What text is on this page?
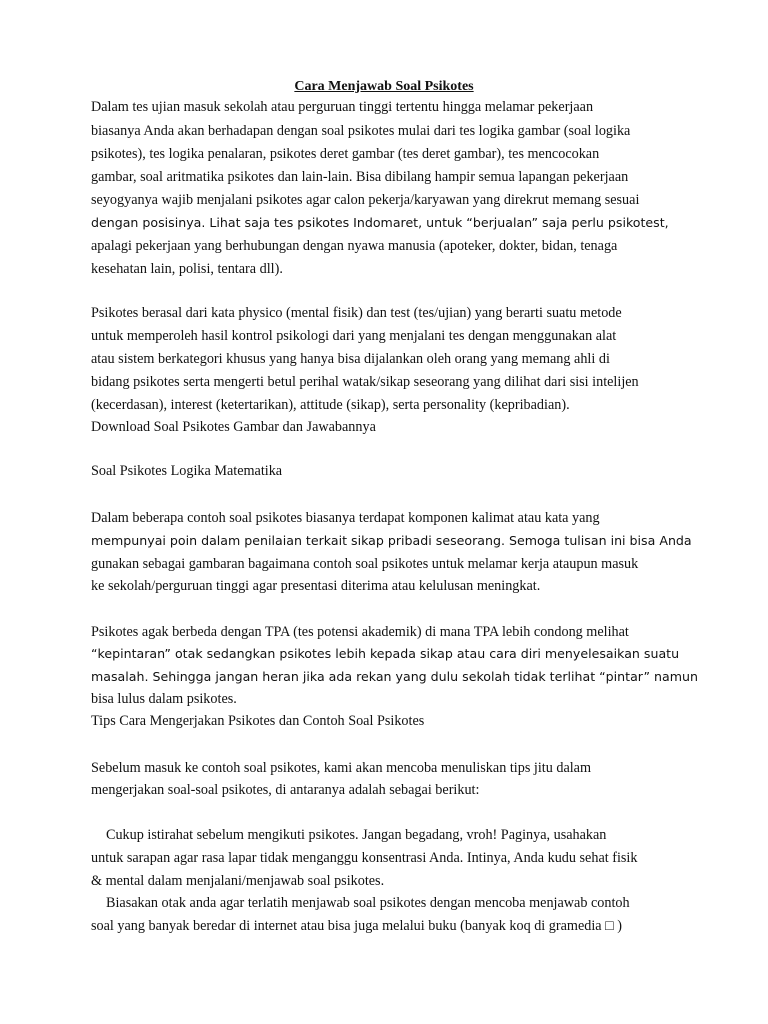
Cara Menjawab Soal Psikotes

Dalam tes ujian masuk sekolah atau perguruan tinggi tertentu hingga melamar pekerjaan

biasanya Anda akan berhadapan dengan soal psikotes mulai dari tes logika gambar (soal logika

psikotes), tes logika penalaran, psikotes deret gambar (tes deret gambar), tes mencocokan

gambar, soal aritmatika psikotes dan lain-lain. Bisa dibilang hampir semua lapangan pekerjaan

seyogyanya wajib menjalani psikotes agar calon pekerja/karyawan yang direkrut memang sesuai

dengan posisinya. Lihat saja tes psikotes Indomaret, untuk “berjualan” saja perlu psikotest,

apalagi pekerjaan yang berhubungan dengan nyawa manusia (apoteker, dokter, bidan, tenaga

kesehatan lain, polisi, tentara dll).

Psikotes berasal dari kata physico (mental fisik) dan test (tes/ujian) yang berarti suatu metode

untuk memperoleh hasil kontrol psikologi dari yang menjalani tes dengan menggunakan alat

atau sistem berkategori khusus yang hanya bisa dijalankan oleh orang yang memang ahli di

bidang psikotes serta mengerti betul perihal watak/sikap seseorang yang dilihat dari sisi intelijen

(kecerdasan), interest (ketertarikan), attitude (sikap), serta personality (kepribadian).

Download Soal Psikotes Gambar dan Jawabannya

Soal Psikotes Logika Matematika

Dalam beberapa contoh soal psikotes biasanya terdapat komponen kalimat atau kata yang

mempunyai poin dalam penilaian terkait sikap pribadi seseorang. Semoga tulisan ini bisa Anda

gunakan sebagai gambaran bagaimana contoh soal psikotes untuk melamar kerja ataupun masuk

ke sekolah/perguruan tinggi agar presentasi diterima atau kelulusan meningkat.

Psikotes agak berbeda dengan TPA (tes potensi akademik) di mana TPA lebih condong melihat

“kepintaran” otak sedangkan psikotes lebih kepada sikap atau cara diri menyelesaikan suatu

masalah. Sehingga jangan heran jika ada rekan yang dulu sekolah tidak terlihat “pintar” namun

bisa lulus dalam psikotes.

Tips Cara Mengerjakan Psikotes dan Contoh Soal Psikotes

Sebelum masuk ke contoh soal psikotes, kami akan mencoba menuliskan tips jitu dalam

mengerjakan soal-soal psikotes, di antaranya adalah sebagai berikut:

Cukup istirahat sebelum mengikuti psikotes. Jangan begadang, vroh! Paginya, usahakan

untuk sarapan agar rasa lapar tidak menganggu konsentrasi Anda. Intinya, Anda kudu sehat fisik

& mental dalam menjalani/menjawab soal psikotes.

Biasakan otak anda agar terlatih menjawab soal psikotes dengan mencoba menjawab contoh

soal yang banyak beredar di internet atau bisa juga melalui buku (banyak koq di gramedia □ )
